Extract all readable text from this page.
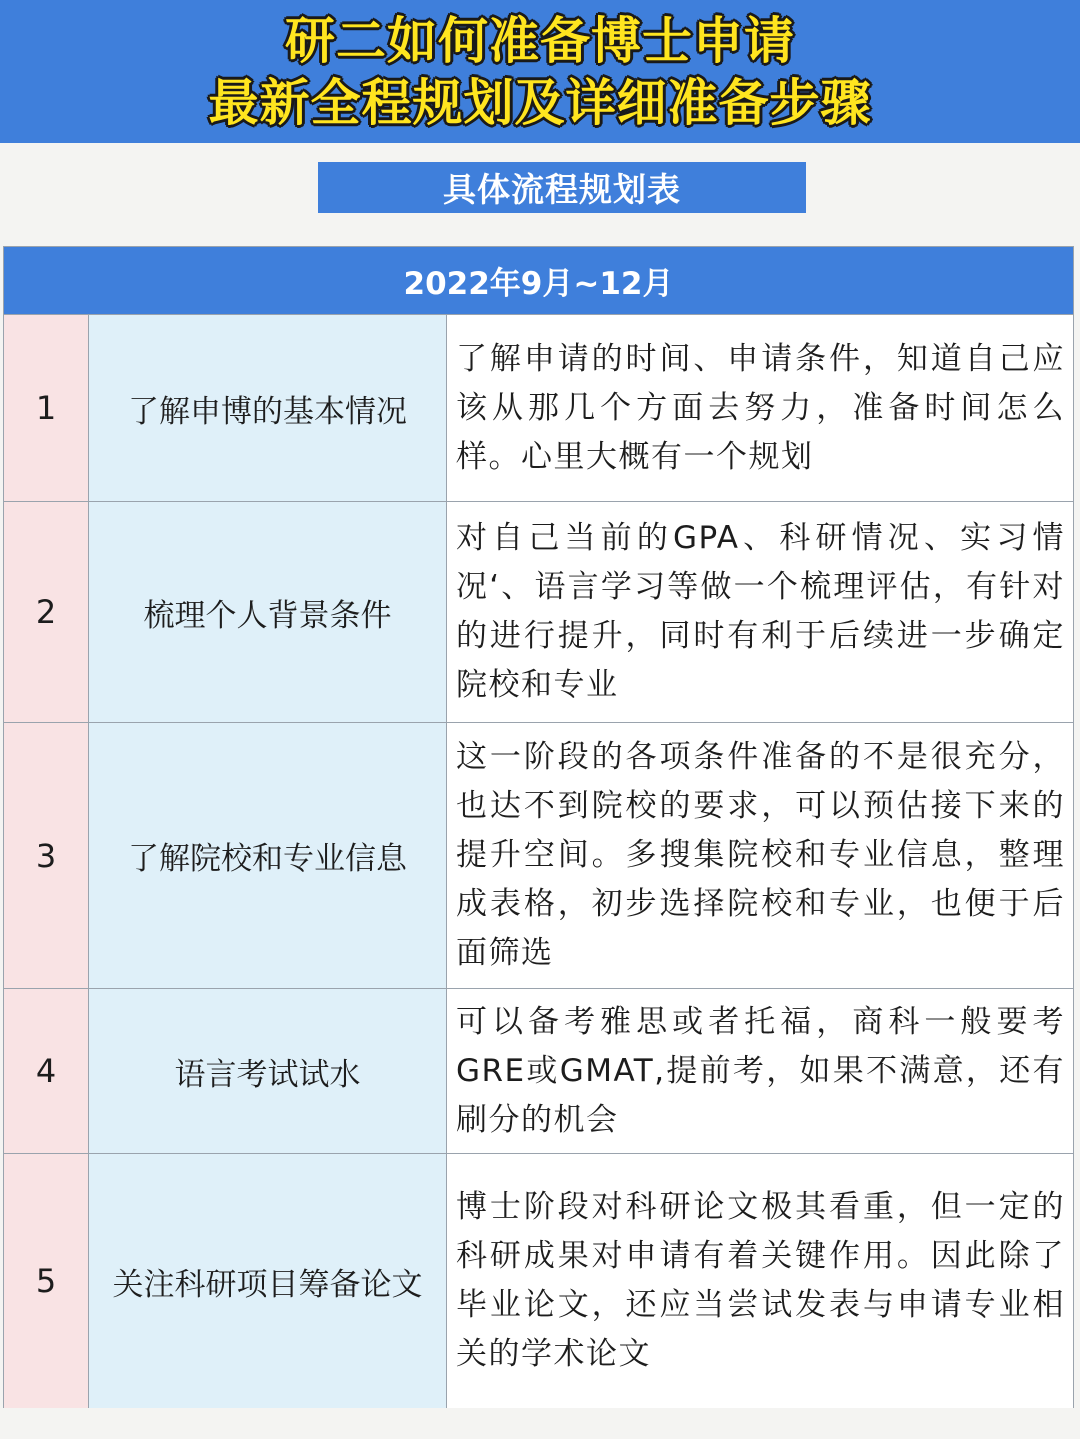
研二如何准备博士申请
最新全程规划及详细准备步骤
具体流程规划表
2022年9月~12月
1	了解申博的基本情况
了解申请的时间、申请条件，知道自己应该从那几个方面去努力，准备时间怎么样。心里大概有一个规划
2	梳理个人背景条件
对自己当前的GPA、科研情况、实习情况‘、语言学习等做一个梳理评估，有针对的进行提升，同时有利于后续进一步确定院校和专业
3	了解院校和专业信息
这一阶段的各项条件准备的不是很充分，也达不到院校的要求，可以预估接下来的提升空间。多搜集院校和专业信息，整理成表格，初步选择院校和专业，也便于后面筛选
4	语言考试试水
可以备考雅思或者托福，商科一般要考GRE或GMAT,提前考，如果不满意，还有刷分的机会
5	关注科研项目筹备论文
博士阶段对科研论文极其看重，但一定的科研成果对申请有着关键作用。因此除了毕业论文，还应当尝试发表与申请专业相关的学术论文
